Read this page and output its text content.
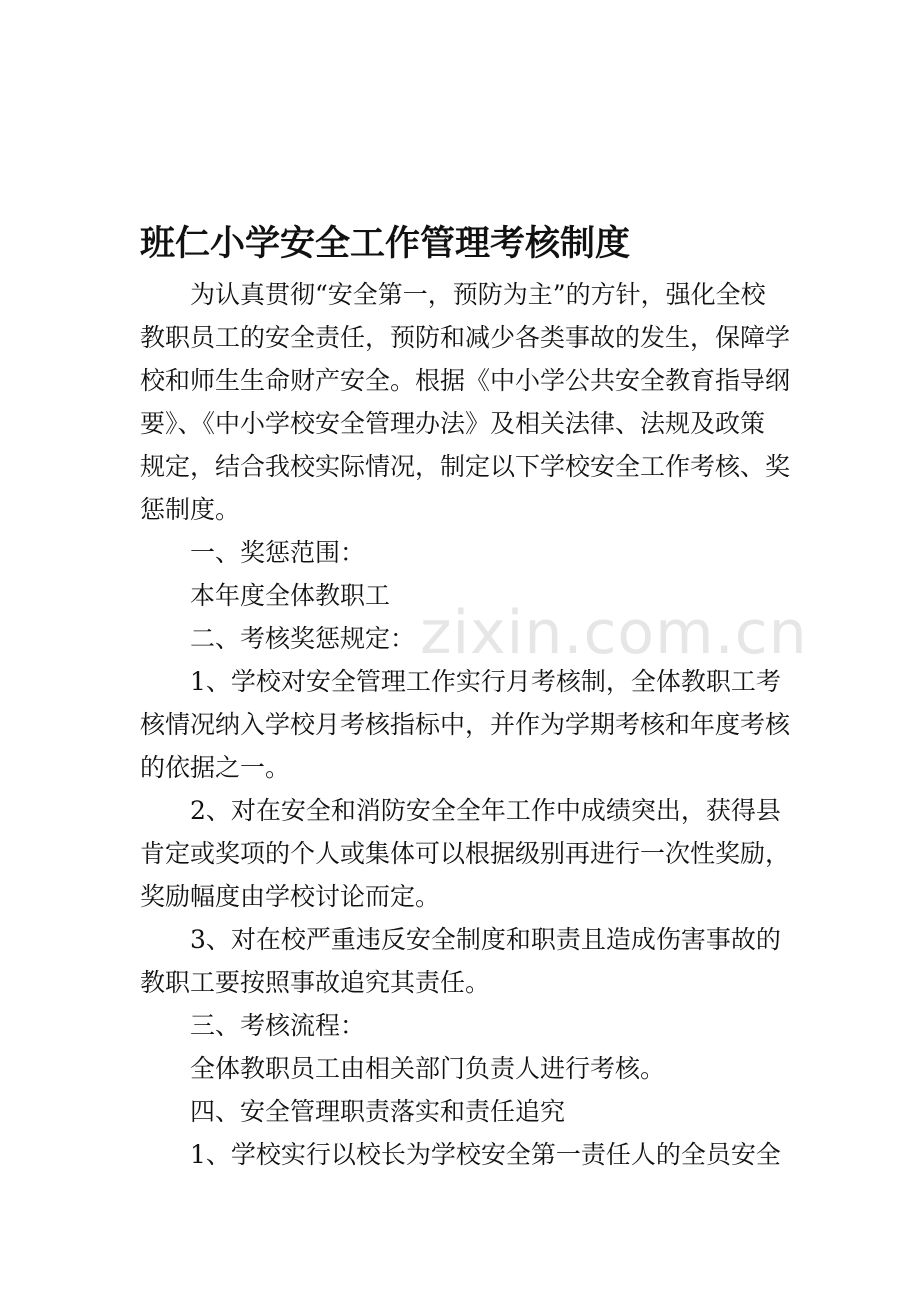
zixin.com.cn
班仁小学安全工作管理考核制度
为认真贯彻“安全第一，预防为主”的方针，强化全校
教职员工的安全责任，预防和减少各类事故的发生，保障学
校和师生生命财产安全。根据《中小学公共安全教育指导纲
要》、《中小学校安全管理办法》及相关法律、法规及政策
规定，结合我校实际情况，制定以下学校安全工作考核、奖
惩制度。
一、奖惩范围：
本年度全体教职工
二、考核奖惩规定：
1、学校对安全管理工作实行月考核制，全体教职工考
核情况纳入学校月考核指标中，并作为学期考核和年度考核
的依据之一。
2、对在安全和消防安全全年工作中成绩突出，获得县
肯定或奖项的个人或集体可以根据级别再进行一次性奖励，
奖励幅度由学校讨论而定。
3、对在校严重违反安全制度和职责且造成伤害事故的
教职工要按照事故追究其责任。
三、考核流程：
全体教职员工由相关部门负责人进行考核。
四、安全管理职责落实和责任追究
1、学校实行以校长为学校安全第一责任人的全员安全
